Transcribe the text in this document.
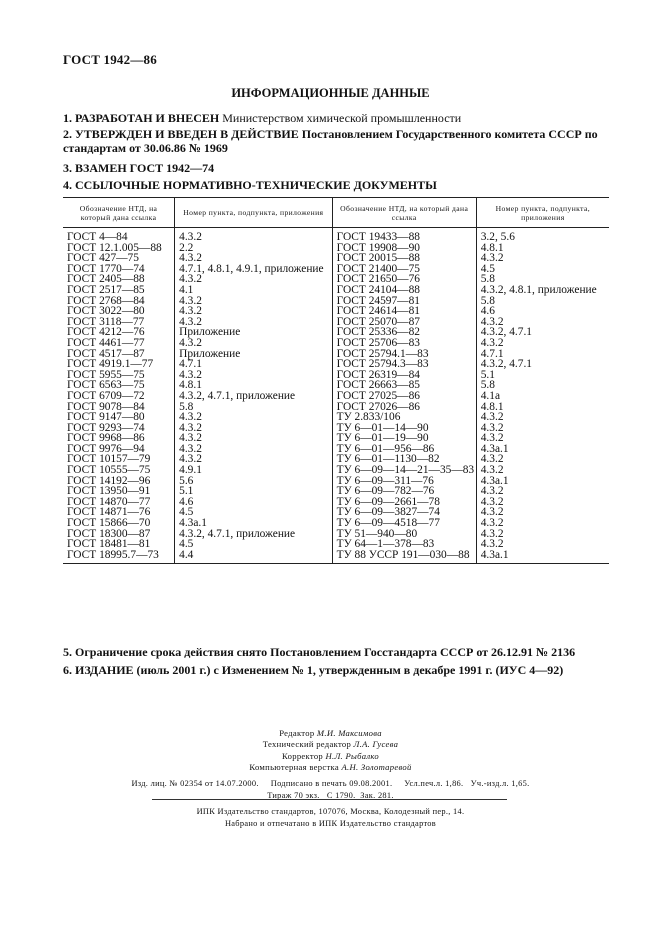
ГОСТ 1942—86
ИНФОРМАЦИОННЫЕ ДАННЫЕ
1. РАЗРАБОТАН И ВНЕСЕН Министерством химической промышленности
2. УТВЕРЖДЕН И ВВЕДЕН В ДЕЙСТВИЕ Постановлением Государственного комитета СССР по стандартам от 30.06.86 № 1969
3. ВЗАМЕН ГОСТ 1942—74
4. ССЫЛОЧНЫЕ НОРМАТИВНО-ТЕХНИЧЕСКИЕ ДОКУМЕНТЫ
Обозначение НТД, на который дана ссылка	Номер пункта, подпункта, приложения	Обозначение НТД, на который дана ссылка	Номер пункта, подпункта, приложения
ГОСТ 4—84	4.3.2	ГОСТ 19433—88	3.2, 5.6
ГОСТ 12.1.005—88	2.2	ГОСТ 19908—90	4.8.1
ГОСТ 427—75	4.3.2	ГОСТ 20015—88	4.3.2
ГОСТ 1770—74	4.7.1, 4.8.1, 4.9.1, приложение	ГОСТ 21400—75	4.5
ГОСТ 2405—88	4.3.2	ГОСТ 21650—76	5.8
ГОСТ 2517—85	4.1	ГОСТ 24104—88	4.3.2, 4.8.1, приложение
ГОСТ 2768—84	4.3.2	ГОСТ 24597—81	5.8
ГОСТ 3022—80	4.3.2	ГОСТ 24614—81	4.6
ГОСТ 3118—77	4.3.2	ГОСТ 25070—87	4.3.2
ГОСТ 4212—76	Приложение	ГОСТ 25336—82	4.3.2, 4.7.1
ГОСТ 4461—77	4.3.2	ГОСТ 25706—83	4.3.2
ГОСТ 4517—87	Приложение	ГОСТ 25794.1—83	4.7.1
ГОСТ 4919.1—77	4.7.1	ГОСТ 25794.3—83	4.3.2, 4.7.1
ГОСТ 5955—75	4.3.2	ГОСТ 26319—84	5.1
ГОСТ 6563—75	4.8.1	ГОСТ 26663—85	5.8
ГОСТ 6709—72	4.3.2, 4.7.1, приложение	ГОСТ 27025—86	4.1а
ГОСТ 9078—84	5.8	ГОСТ 27026—86	4.8.1
ГОСТ 9147—80	4.3.2	ТУ 2.833/106	4.3.2
ГОСТ 9293—74	4.3.2	ТУ 6—01—14—90	4.3.2
ГОСТ 9968—86	4.3.2	ТУ 6—01—19—90	4.3.2
ГОСТ 9976—94	4.3.2	ТУ 6—01—956—86	4.3а.1
ГОСТ 10157—79	4.3.2	ТУ 6—01—1130—82	4.3.2
ГОСТ 10555—75	4.9.1	ТУ 6—09—14—21—35—83	4.3.2
ГОСТ 14192—96	5.6	ТУ 6—09—311—76	4.3а.1
ГОСТ 13950—91	5.1	ТУ 6—09—782—76	4.3.2
ГОСТ 14870—77	4.6	ТУ 6—09—2661—78	4.3.2
ГОСТ 14871—76	4.5	ТУ 6—09—3827—74	4.3.2
ГОСТ 15866—70	4.3а.1	ТУ 6—09—4518—77	4.3.2
ГОСТ 18300—87	4.3.2, 4.7.1, приложение	ТУ 51—940—80	4.3.2
ГОСТ 18481—81	4.5	ТУ 64—1—378—83	4.3.2
ГОСТ 18995.7—73	4.4	ТУ 88 УССР 191—030—88	4.3а.1
5. Ограничение срока действия снято Постановлением Госстандарта СССР от 26.12.91 № 2136
6. ИЗДАНИЕ (июль 2001 г.) с Изменением № 1, утвержденным в декабре 1991 г. (ИУС 4—92)
Редактор М.И. Максимова
Технический редактор Л.А. Гусева
Корректор Н.Л. Рыбалко
Компьютерная верстка А.Н. Золотаревой
Изд. лиц. № 02354 от 14.07.2000.     Подписано в печать 09.08.2001.     Усл.печ.л. 1,86.   Уч.-изд.л. 1,65.
Тираж 70 экз.   С 1790.  Зак. 281.
ИПК Издательство стандартов, 107076, Москва, Колодезный пер., 14.
Набрано и отпечатано в ИПК Издательство стандартов
